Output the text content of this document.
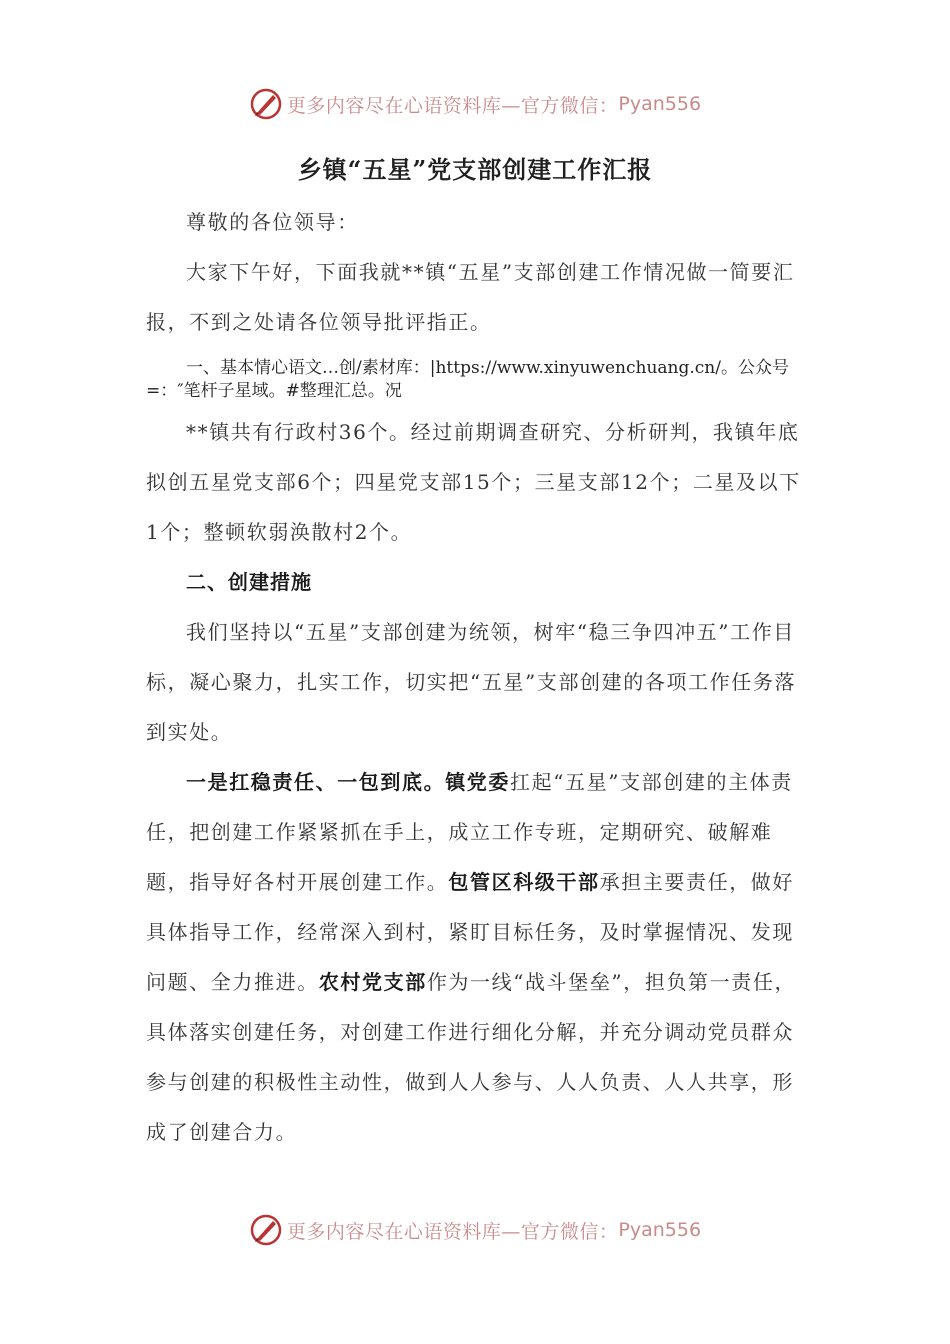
更多内容尽在心语资料库—官方微信： Pyan556
乡镇“五星”党支部创建工作汇报

尊敬的各位领导：

大家下午好，下面我就**镇“五星”支部创建工作情况做一简要汇报，不到之处请各位领导批评指正。

一、基本情心语文…创/素材库：|https://www.xinyuwenchuang.cn/。公众号=：″笔杆子星域。#整理汇总。况

**镇共有行政村36个。经过前期调查研究、分析研判，我镇年底拟创五星党支部6个；四星党支部15个；三星支部12个；二星及以下1个；整顿软弱涣散村2个。

二、创建措施

我们坚持以“五星”支部创建为统领，树牢“稳三争四冲五”工作目标，凝心聚力，扎实工作，切实把“五星”支部创建的各项工作任务落到实处。

一是扛稳责任、一包到底。镇党委扛起“五星”支部创建的主体责任，把创建工作紧紧抓在手上，成立工作专班，定期研究、破解难题，指导好各村开展创建工作。包管区科级干部承担主要责任，做好具体指导工作，经常深入到村，紧盯目标任务，及时掌握情况、发现问题、全力推进。农村党支部作为一线“战斗堡垒”，担负第一责任，具体落实创建任务，对创建工作进行细化分解，并充分调动党员群众参与创建的积极性主动性，做到人人参与、人人负责、人人共享，形成了创建合力。

更多内容尽在心语资料库—官方微信： Pyan556
